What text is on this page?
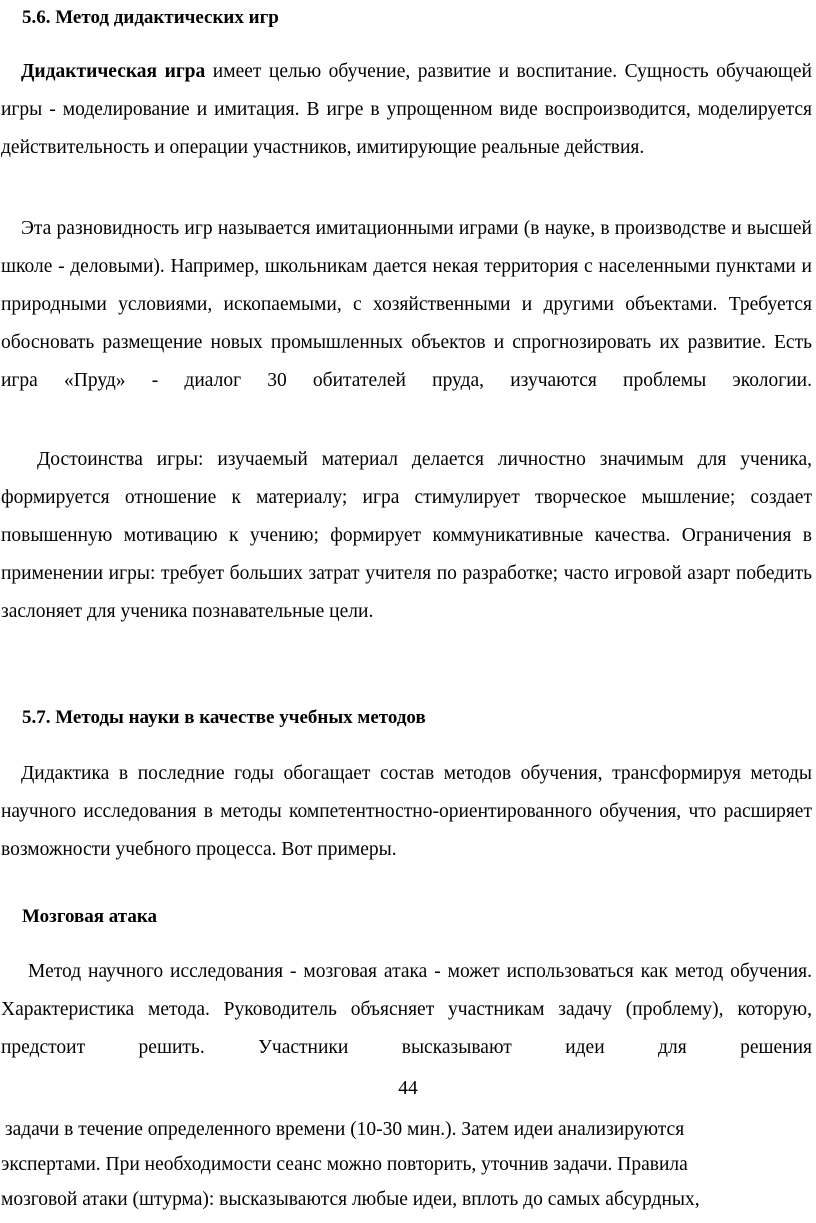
5.6. Метод дидактических игр

Дидактическая игра имеет целью обучение, развитие и воспитание. Сущность обучающей игры - моделирование и имитация. В игре в упрощенном виде воспроизводится, моделируется действительность и операции участников, имитирующие реальные действия.

Эта разновидность игр называется имитационными играми (в науке, в производстве и высшей школе - деловыми). Например, школьникам дается некая территория с населенными пунктами и природными условиями, ископаемыми, с хозяйственными и другими объектами. Требуется обосновать размещение новых промышленных объектов и спрогнозировать их развитие. Есть игра «Пруд» - диалог 30 обитателей пруда, изучаются проблемы экологии.

Достоинства игры: изучаемый материал делается личностно значимым для ученика, формируется отношение к материалу; игра стимулирует творческое мышление; создает повышенную мотивацию к учению; формирует коммуникативные качества. Ограничения в применении игры: требует больших затрат учителя по разработке; часто игровой азарт победить заслоняет для ученика познавательные цели.

5.7. Методы науки в качестве учебных методов

Дидактика в последние годы обогащает состав методов обучения, трансформируя методы научного исследования в методы компетентностно-ориентированного обучения, что расширяет возможности учебного процесса. Вот примеры.

Мозговая атака

Метод научного исследования - мозговая атака - может использоваться как метод обучения. Характеристика метода. Руководитель объясняет участникам задачу (проблему), которую, предстоит решить. Участники высказывают идеи для решения

44
задачи в течение определенного времени (10-30 мин.). Затем идеи анализируются
экспертами. При необходимости сеанс можно повторить, уточнив задачи. Правила
мозговой атаки (штурма): высказываются любые идеи, вплоть до самых абсурдных,
